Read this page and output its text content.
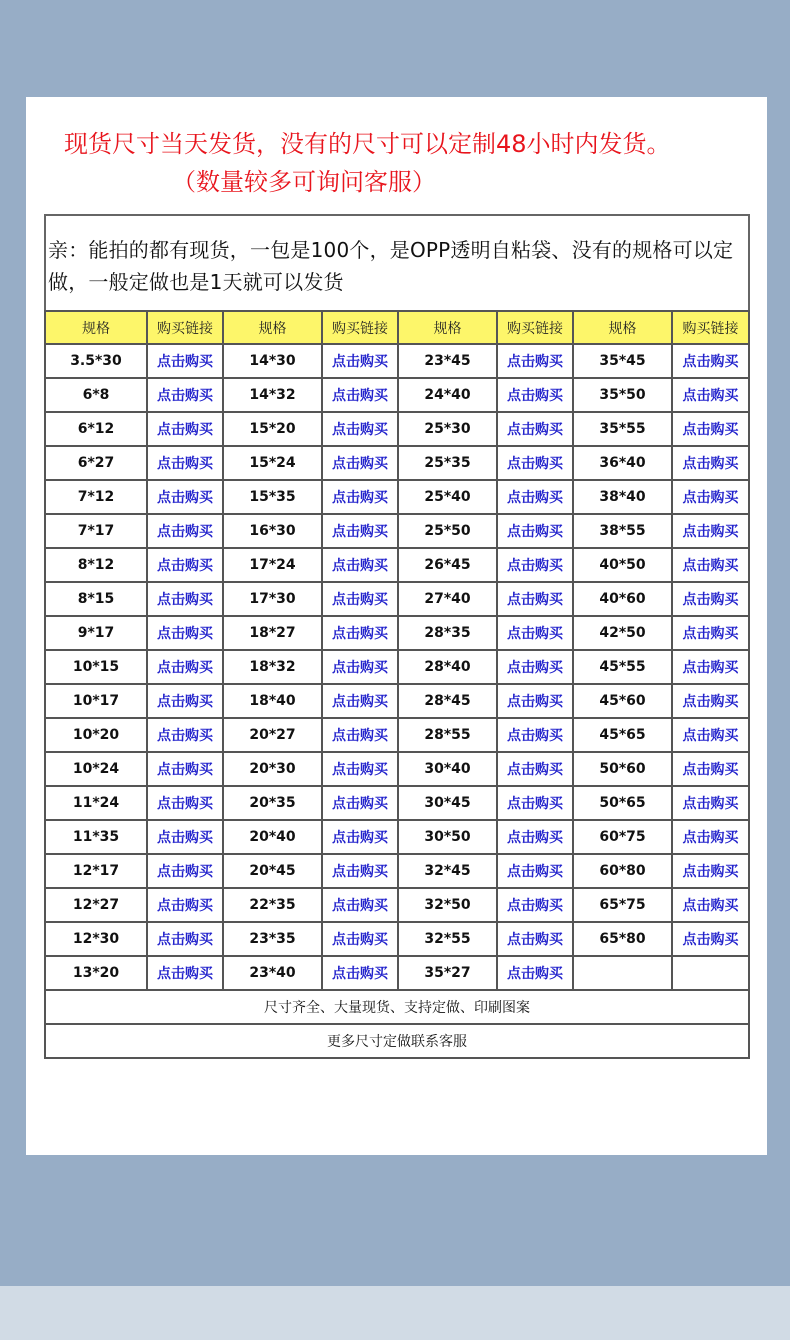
现货尺寸当天发货，没有的尺寸可以定制48小时内发货。
（数量较多可询问客服）

亲：能拍的都有现货，一包是100个，是OPP透明自粘袋、没有的规格可以定做，一般定做也是1天就可以发货

规格	购买链接	规格	购买链接	规格	购买链接	规格	购买链接
3.5*30	点击购买	14*30	点击购买	23*45	点击购买	35*45	点击购买
6*8	点击购买	14*32	点击购买	24*40	点击购买	35*50	点击购买
6*12	点击购买	15*20	点击购买	25*30	点击购买	35*55	点击购买
6*27	点击购买	15*24	点击购买	25*35	点击购买	36*40	点击购买
7*12	点击购买	15*35	点击购买	25*40	点击购买	38*40	点击购买
7*17	点击购买	16*30	点击购买	25*50	点击购买	38*55	点击购买
8*12	点击购买	17*24	点击购买	26*45	点击购买	40*50	点击购买
8*15	点击购买	17*30	点击购买	27*40	点击购买	40*60	点击购买
9*17	点击购买	18*27	点击购买	28*35	点击购买	42*50	点击购买
10*15	点击购买	18*32	点击购买	28*40	点击购买	45*55	点击购买
10*17	点击购买	18*40	点击购买	28*45	点击购买	45*60	点击购买
10*20	点击购买	20*27	点击购买	28*55	点击购买	45*65	点击购买
10*24	点击购买	20*30	点击购买	30*40	点击购买	50*60	点击购买
11*24	点击购买	20*35	点击购买	30*45	点击购买	50*65	点击购买
11*35	点击购买	20*40	点击购买	30*50	点击购买	60*75	点击购买
12*17	点击购买	20*45	点击购买	32*45	点击购买	60*80	点击购买
12*27	点击购买	22*35	点击购买	32*50	点击购买	65*75	点击购买
12*30	点击购买	23*35	点击购买	32*55	点击购买	65*80	点击购买
13*20	点击购买	23*40	点击购买	35*27	点击购买		
尺寸齐全、大量现货、支持定做、印刷图案							
更多尺寸定做联系客服							
